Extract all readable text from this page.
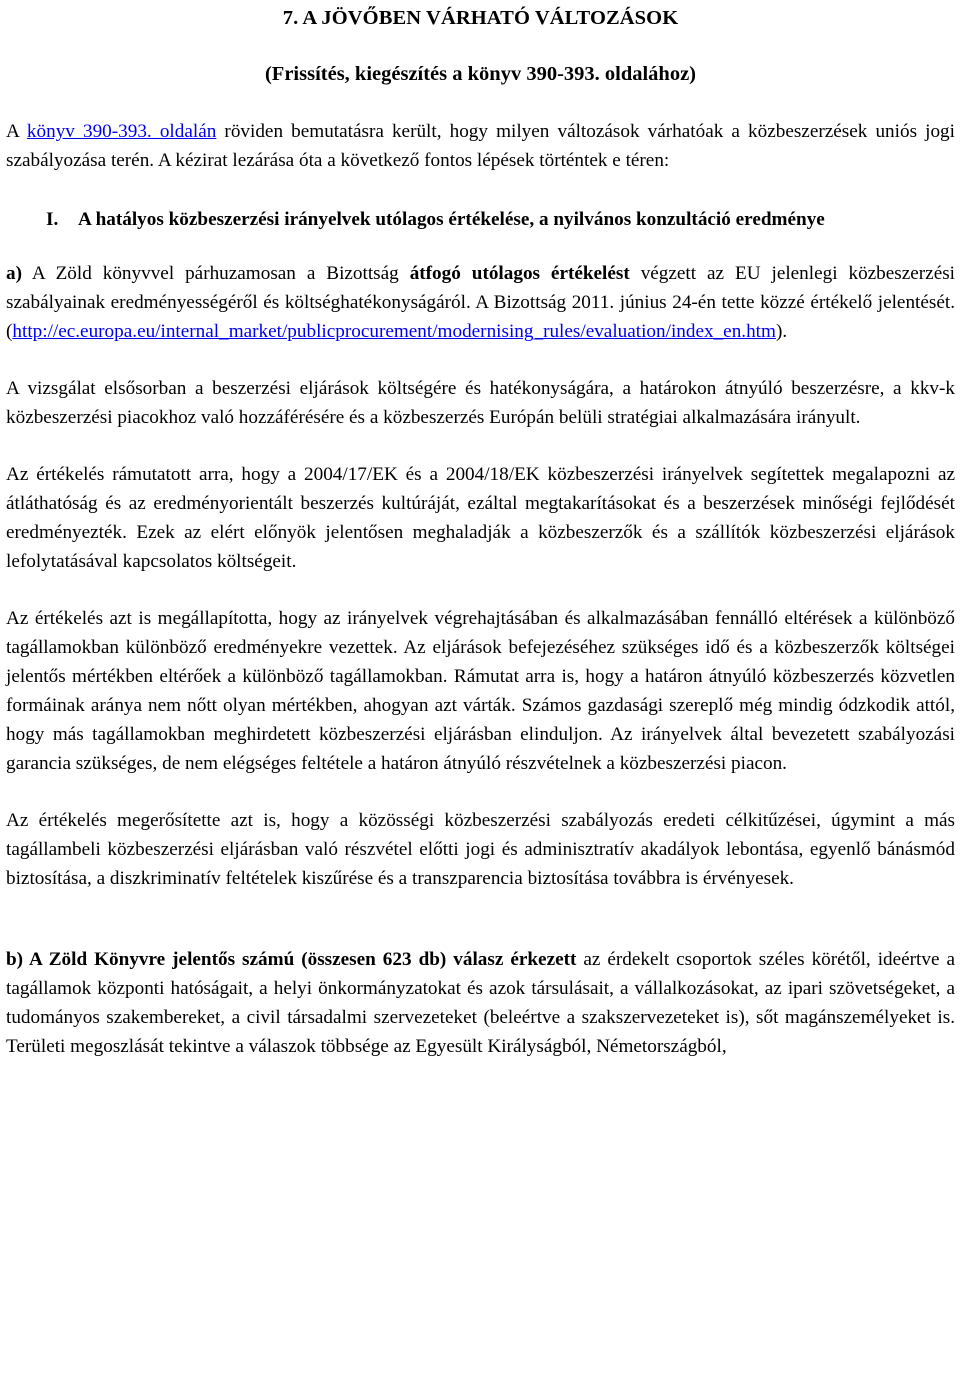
7. A JÖVŐBEN VÁRHATÓ VÁLTOZÁSOK
(Frissítés, kiegészítés a könyv 390-393. oldalához)

A könyv 390-393. oldalán röviden bemutatásra került, hogy milyen változások várhatóak a közbeszerzések uniós jogi szabályozása terén. A kézirat lezárása óta a következő fontos lépések történtek e téren:

I. A hatályos közbeszerzési irányelvek utólagos értékelése, a nyilvános konzultáció eredménye

a) A Zöld könyvvel párhuzamosan a Bizottság átfogó utólagos értékelést végzett az EU jelenlegi közbeszerzési szabályainak eredményességéről és költséghatékonyságáról. A Bizottság 2011. június 24-én tette közzé értékelő jelentését. (http://ec.europa.eu/internal_market/publicprocurement/modernising_rules/evaluation/index_en.htm).

A vizsgálat elsősorban a beszerzési eljárások költségére és hatékonyságára, a határokon átnyúló beszerzésre, a kkv-k közbeszerzési piacokhoz való hozzáférésére és a közbeszerzés Európán belüli stratégiai alkalmazására irányult.

Az értékelés rámutatott arra, hogy a 2004/17/EK és a 2004/18/EK közbeszerzési irányelvek segítettek megalapozni az átláthatóság és az eredményorientált beszerzés kultúráját, ezáltal megtakarításokat és a beszerzések minőségi fejlődését eredményezték. Ezek az elért előnyök jelentősen meghaladják a közbeszerzők és a szállítók közbeszerzési eljárások lefolytatásával kapcsolatos költségeit.

Az értékelés azt is megállapította, hogy az irányelvek végrehajtásában és alkalmazásában fennálló eltérések a különböző tagállamokban különböző eredményekre vezettek. Az eljárások befejezéséhez szükséges idő és a közbeszerzők költségei jelentős mértékben eltérőek a különböző tagállamokban. Rámutat arra is, hogy a határon átnyúló közbeszerzés közvetlen formáinak aránya nem nőtt olyan mértékben, ahogyan azt várták. Számos gazdasági szereplő még mindig ódzkodik attól, hogy más tagállamokban meghirdetett közbeszerzési eljárásban elinduljon. Az irányelvek által bevezetett szabályozási garancia szükséges, de nem elégséges feltétele a határon átnyúló részvételnek a közbeszerzési piacon.

Az értékelés megerősítette azt is, hogy a közösségi közbeszerzési szabályozás eredeti célkitűzései, úgymint a más tagállambeli közbeszerzési eljárásban való részvétel előtti jogi és adminisztratív akadályok lebontása, egyenlő bánásmód biztosítása, a diszkriminatív feltételek kiszűrése és a transzparencia biztosítása továbbra is érvényesek.

b) A Zöld Könyvre jelentős számú (összesen 623 db) válasz érkezett az érdekelt csoportok széles körétől, ideértve a tagállamok központi hatóságait, a helyi önkormányzatokat és azok társulásait, a vállalkozásokat, az ipari szövetségeket, a tudományos szakembereket, a civil társadalmi szervezeteket (beleértve a szakszervezeteket is), sőt magánszemélyeket is. Területi megoszlását tekintve a válaszok többsége az Egyesült Királyságból, Németországból,
